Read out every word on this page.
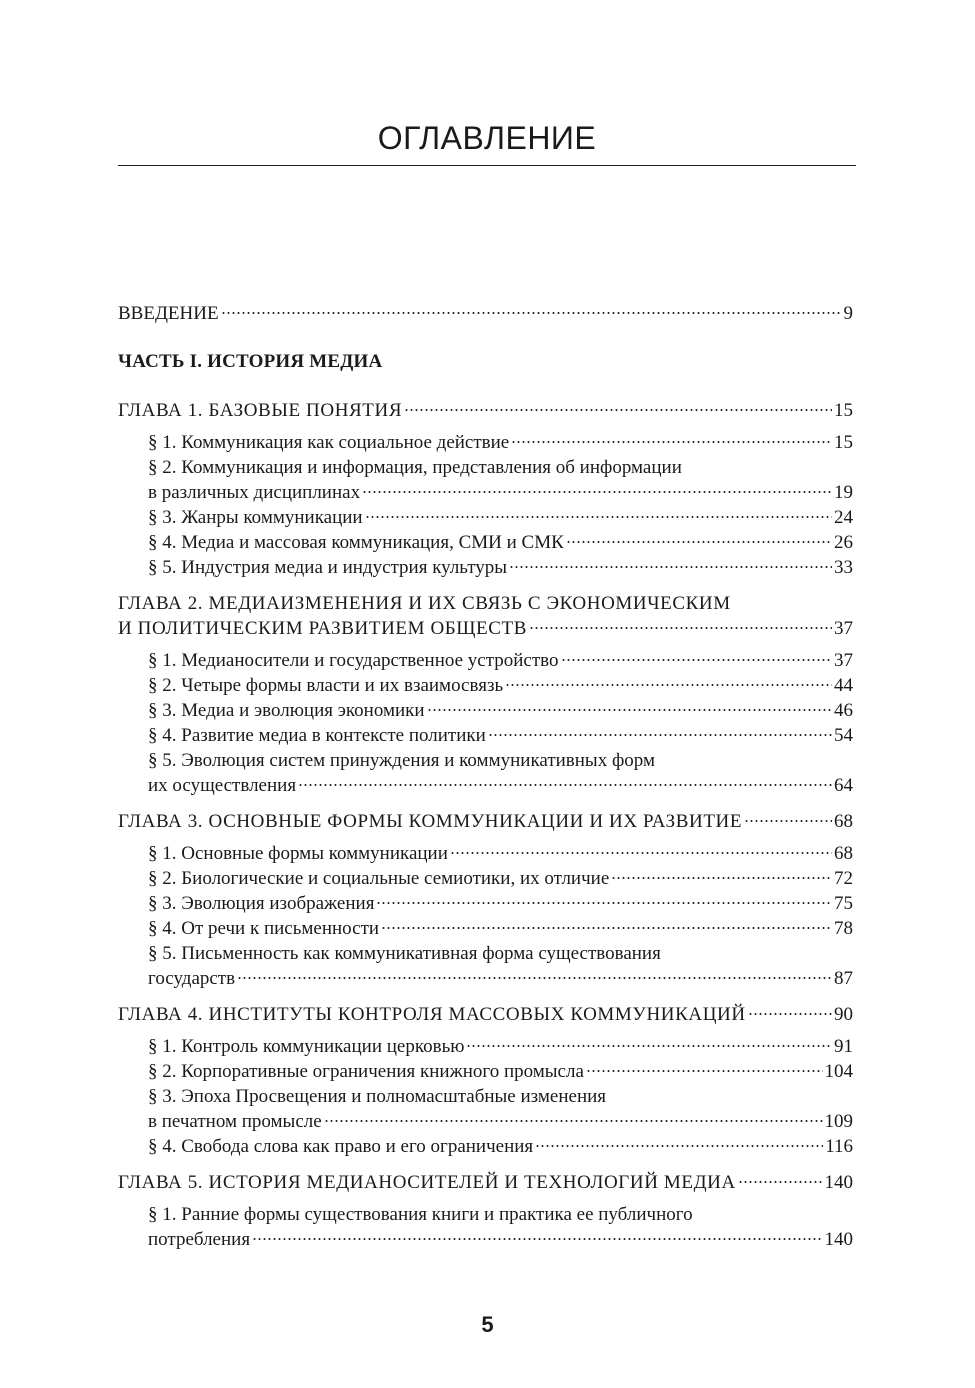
ОГЛАВЛЕНИЕ
ВВЕДЕНИЕ	9
ЧАСТЬ I. ИСТОРИЯ МЕДИА
ГЛАВА 1. БАЗОВЫЕ ПОНЯТИЯ	15
§ 1. Коммуникация как социальное действие	15
§ 2. Коммуникация и информация, представления об информации
в различных дисциплинах	19
§ 3. Жанры коммуникации	24
§ 4. Медиа и массовая коммуникация, СМИ и СМК	26
§ 5. Индустрия медиа и индустрия культуры	33
ГЛАВА 2. МЕДИАИЗМЕНЕНИЯ И ИХ СВЯЗЬ С ЭКОНОМИЧЕСКИМ
И ПОЛИТИЧЕСКИМ РАЗВИТИЕМ ОБЩЕСТВ	37
§ 1. Медианосители и государственное устройство	37
§ 2. Четыре формы власти и их взаимосвязь	44
§ 3. Медиа и эволюция экономики	46
§ 4. Развитие медиа в контексте политики	54
§ 5. Эволюция систем принуждения и коммуникативных форм
их осуществления	64
ГЛАВА 3. ОСНОВНЫЕ ФОРМЫ КОММУНИКАЦИИ И ИХ РАЗВИТИЕ	68
§ 1. Основные формы коммуникации	68
§ 2. Биологические и социальные семиотики, их отличие	72
§ 3. Эволюция изображения	75
§ 4. От речи к письменности	78
§ 5. Письменность как коммуникативная форма существования
государств	87
ГЛАВА 4. ИНСТИТУТЫ КОНТРОЛЯ МАССОВЫХ КОММУНИКАЦИЙ	90
§ 1. Контроль коммуникации церковью	91
§ 2. Корпоративные ограничения книжного промысла	104
§ 3. Эпоха Просвещения и полномасштабные изменения
в печатном промысле	109
§ 4. Свобода слова как право и его ограничения	116
ГЛАВА 5. ИСТОРИЯ МЕДИАНОСИТЕЛЕЙ И ТЕХНОЛОГИЙ МЕДИА	140
§ 1. Ранние формы существования книги и практика ее публичного
потребления	140
5
